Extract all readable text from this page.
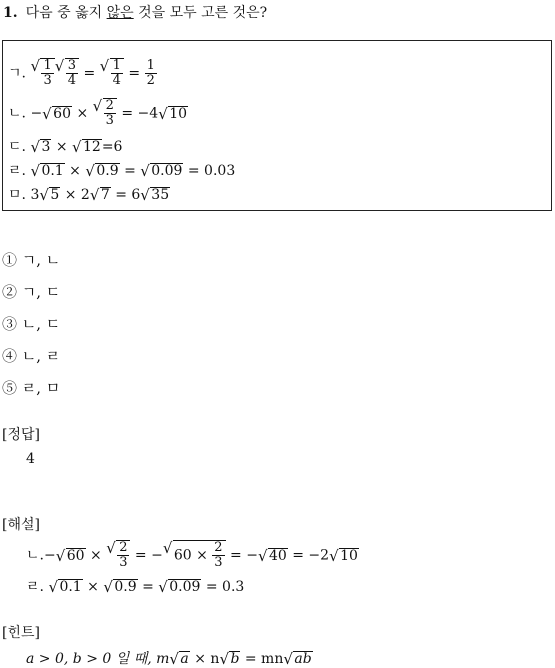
1. 다음 중 옳지 않은 것을 모두 고른 것은?
ㄱ.
√ $\frac{1}{3}$
√ $\frac{3}{4}$ =
√ $\frac{1}{4} = \frac{1}{2}$
ㄴ. −√ 60 ×
√ $\frac{2}{3} = -4√$ 10
ㄷ. √ 3 × √ 12=6
ㄹ. √ 0.1 × √ 0.9 = √ 0.09 = 0.03
ㅁ. 3√ 5 × 2√ 7 = 6√ 35
① ㄱ, ㄴ
② ㄱ, ㄷ
③ ㄴ, ㄷ
④ ㄴ, ㄹ
⑤ ㄹ, ㅁ
[정답]
4
[해설]
ㄴ.−√ 60 ×
√ $\frac{2}{3}$ = −√ $60 \times \frac{2}{3}$ = −√ 40 = −2√ 10
ㄹ. √ 0.1 × √ 0.9 = √ 0.09 = 0.3
[힌트]
a > 0, b > 0 일 때, m√ a × n√ b = mn√ ab
